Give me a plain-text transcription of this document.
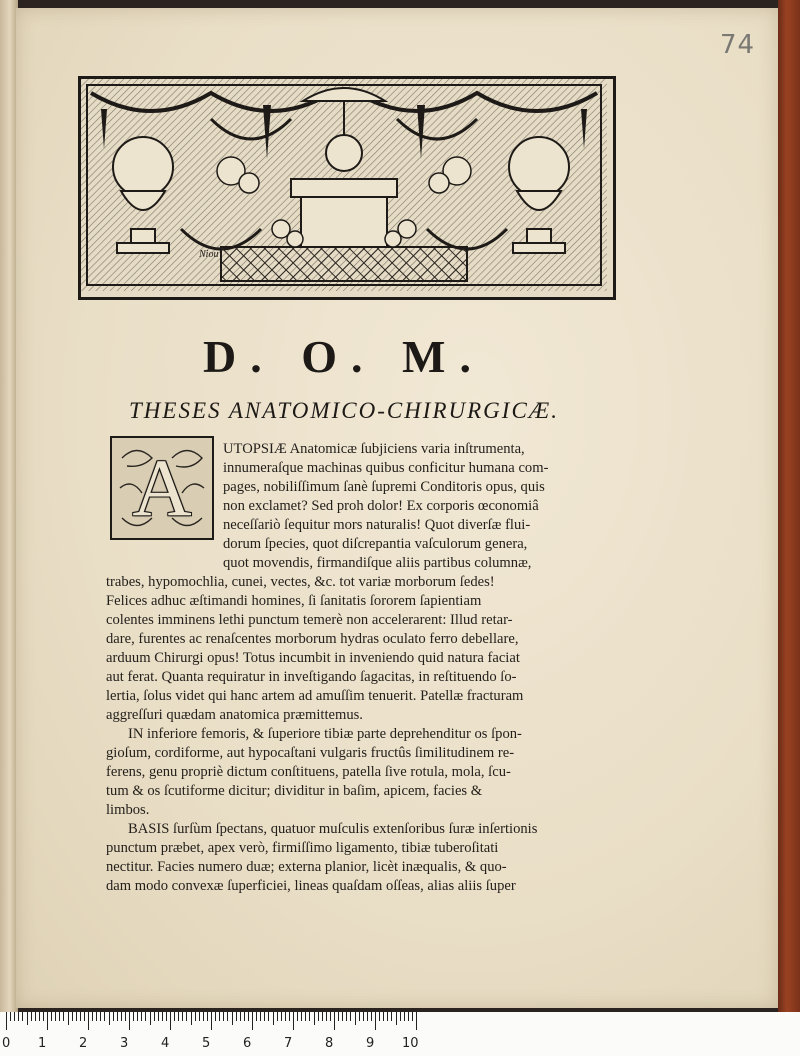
74
Niou
D. O. M.
THESES ANATOMICO-CHIRURGICÆ.
A	UTOPSIÆ Anatomicæ ſubjiciens varia inſtrumenta,
innumeraſque machinas quibus conficitur humana com-
pages, nobiliſſimum ſanè ſupremi Conditoris opus, quis
non exclamet? Sed proh dolor! Ex corporis œconomiâ
neceſſariò ſequitur mors naturalis! Quot diverſæ flui-
dorum ſpecies, quot diſcrepantia vaſculorum genera,
quot movendis, firmandiſque aliis partibus columnæ,
trabes, hypomochlia, cunei, vectes, &c. tot variæ morborum ſedes!
Felices adhuc æſtimandi homines, ſi ſanitatis ſororem ſapientiam
colentes imminens lethi punctum temerè non accelerarent: Illud retar-
dare, furentes ac renaſcentes morborum hydras oculato ferro debellare,
arduum Chirurgi opus! Totus incumbit in inveniendo quid natura faciat
aut ferat. Quanta requiratur in inveſtigando ſagacitas, in reſtituendo ſo-
lertia, ſolus videt qui hanc artem ad amuſſim tenuerit. Patellæ fracturam
aggreſſuri quædam anatomica præmittemus.
IN inferiore femoris, & ſuperiore tibiæ parte deprehenditur os ſpon-
gioſum, cordiforme, aut hypocaſtani vulgaris fructûs ſimilitudinem re-
ferens, genu propriè dictum conſtituens, patella ſive rotula, mola, ſcu-
tum & os ſcutiforme dicitur; dividitur in baſim, apicem, facies &
limbos.
BASIS ſurſùm ſpectans, quatuor muſculis extenſoribus ſuræ inſertionis
punctum præbet, apex verò, firmiſſimo ligamento, tibiæ tuberoſitati
nectitur. Facies numero duæ; externa planior, licèt inæqualis, & quo-
dam modo convexæ ſuperficiei, lineas quaſdam oſſeas, alias aliis ſuper
0 1	2	3	4	5	6	7	8	9 10
